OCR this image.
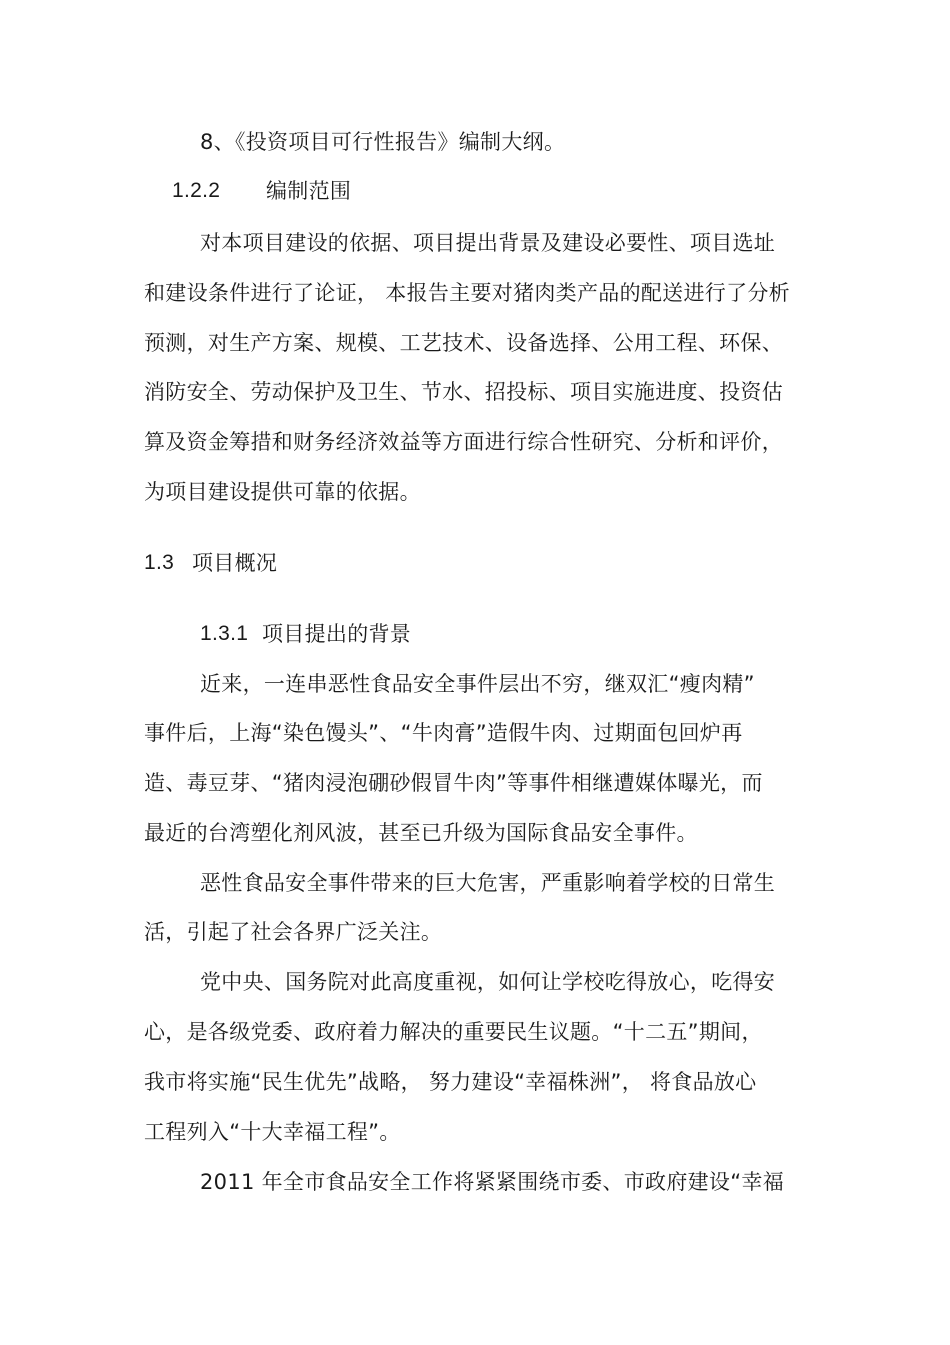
8、《投资项目可行性报告》编制大纲。
1.2.2 编制范围
对本项目建设的依据、项目提出背景及建设必要性、项目选址
和建设条件进行了论证， 本报告主要对猪肉类产品的配送进行了分析
预测，对生产方案、规模、工艺技术、设备选择、公用工程、环保、
消防安全、劳动保护及卫生、节水、招投标、项目实施进度、投资估
算及资金筹措和财务经济效益等方面进行综合性研究、分析和评价，
为项目建设提供可靠的依据。
1.3 项目概况
1.3.1 项目提出的背景
近来，一连串恶性食品安全事件层出不穷，继双汇“瘦肉精”
事件后，上海“染色馒头”、“牛肉膏”造假牛肉、过期面包回炉再
造、毒豆芽、“猪肉浸泡硼砂假冒牛肉”等事件相继遭媒体曝光，而
最近的台湾塑化剂风波，甚至已升级为国际食品安全事件。
恶性食品安全事件带来的巨大危害，严重影响着学校的日常生
活，引起了社会各界广泛关注。
党中央、国务院对此高度重视，如何让学校吃得放心，吃得安
心，是各级党委、政府着力解决的重要民生议题。“十二五”期间，
我市将实施“民生优先”战略， 努力建设“幸福株洲”， 将食品放心
工程列入“十大幸福工程”。
2011 年全市食品安全工作将紧紧围绕市委、市政府建设“幸福
